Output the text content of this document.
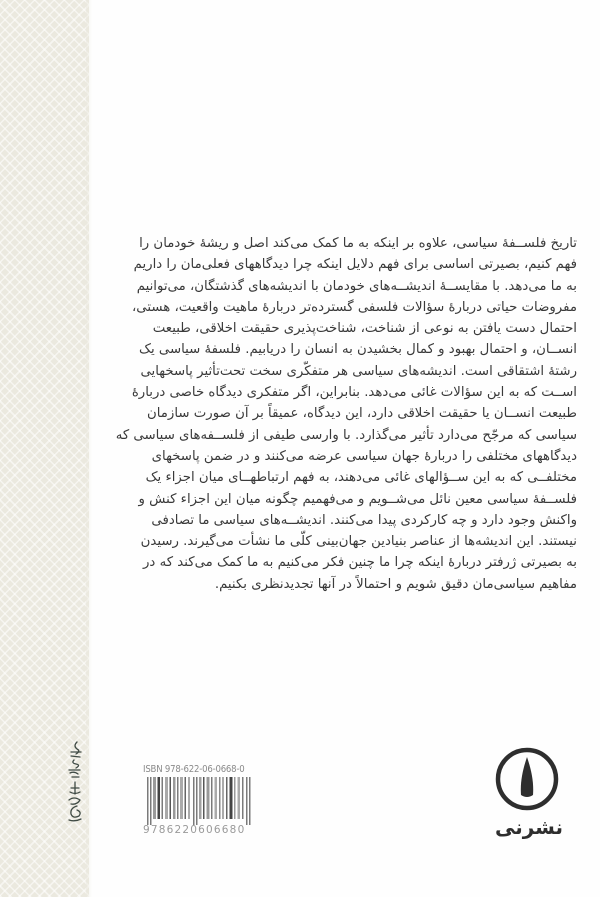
تاریخ فلســفهٔ سیاسی، علاوه بر اینکه به ما کمک می‌کند اصل و ریشهٔ خودمان را
فهم کنیم، بصیرتی اساسی برای فهم دلایل اینکه چرا دیدگاههای فعلی‌مان را داریم
به ما می‌دهد. با مقایســهٔ اندیشــه‌های خودمان با اندیشه‌های گذشتگان، می‌توانیم
مفروضات حیاتی دربارهٔ سؤالات فلسفی گسترده‌تر دربارهٔ ماهیت واقعیت، هستی،
احتمال دست یافتن به نوعی از شناخت، شناخت‌پذیری حقیقت اخلاقی، طبیعت
انســان، و احتمال بهبود و کمال بخشیدن به انسان را دریابیم. فلسفهٔ سیاسی یک
رشتهٔ اشتقاقی است. اندیشه‌های سیاسی هر متفکّری سخت تحت‌تأثیر پاسخهایی
اســت که به این سؤالات غائی می‌دهد. بنابراین، اگر متفکری دیدگاه خاصی دربارهٔ
طبیعت انســان یا حقیقت اخلاقی دارد، این دیدگاه، عمیقاً بر آن صورت سازمان
سیاسی که مرجّح می‌دارد تأثیر می‌گذارد. با وارسی طیفی از فلســفه‌های سیاسی که
دیدگاههای مختلفی را دربارهٔ جهان سیاسی عرضه می‌کنند و در ضمن پاسخهای
مختلفــی که به این ســؤالهای غائی می‌دهند، به فهم ارتباطهــای میان اجزاء یک
فلســفهٔ سیاسی معین نائل می‌شــویم و می‌فهمیم چگونه میان این اجزاء کنش و
واکنش وجود دارد و چه کارکردی پیدا می‌کنند. اندیشــه‌های سیاسی ما تصادفی
نیستند. این اندیشه‌ها از عناصر بنیادین جهان‌بینی کلّی ما نشأت می‌گیرند. رسیدن
به بصیرتی ژرفتر دربارهٔ اینکه چرا ما چنین فکر می‌کنیم به ما کمک می‌کند که در
مفاهیم سیاسی‌مان دقیق شویم و احتمالاً در آنها تجدیدنظری بکنیم.
ISBN 978-622-06-0668-0
9786220606680	نشرنی
